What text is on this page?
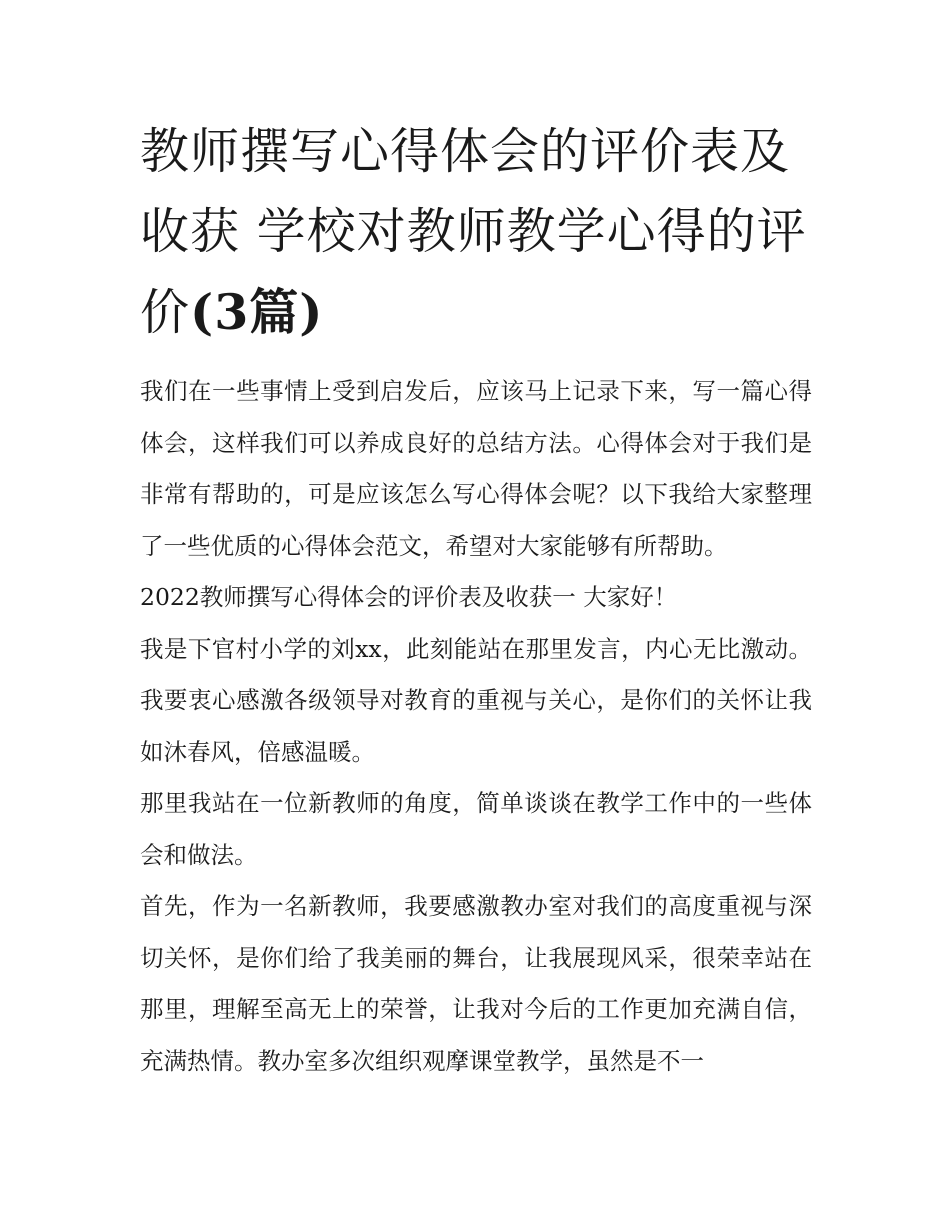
教师撰写心得体会的评价表及收获 学校对教师教学心得的评价(3篇)

我们在一些事情上受到启发后，应该马上记录下来，写一篇心得体会，这样我们可以养成良好的总结方法。心得体会对于我们是非常有帮助的，可是应该怎么写心得体会呢？以下我给大家整理了一些优质的心得体会范文，希望对大家能够有所帮助。

2022教师撰写心得体会的评价表及收获一 大家好！

我是下官村小学的刘xx，此刻能站在那里发言，内心无比激动。我要衷心感激各级领导对教育的重视与关心，是你们的关怀让我如沐春风，倍感温暖。

那里我站在一位新教师的角度，简单谈谈在教学工作中的一些体会和做法。

首先，作为一名新教师，我要感激教办室对我们的高度重视与深切关怀，是你们给了我美丽的舞台，让我展现风采，很荣幸站在那里，理解至高无上的荣誉，让我对今后的工作更加充满自信，充满热情。教办室多次组织观摩课堂教学，虽然是不一
